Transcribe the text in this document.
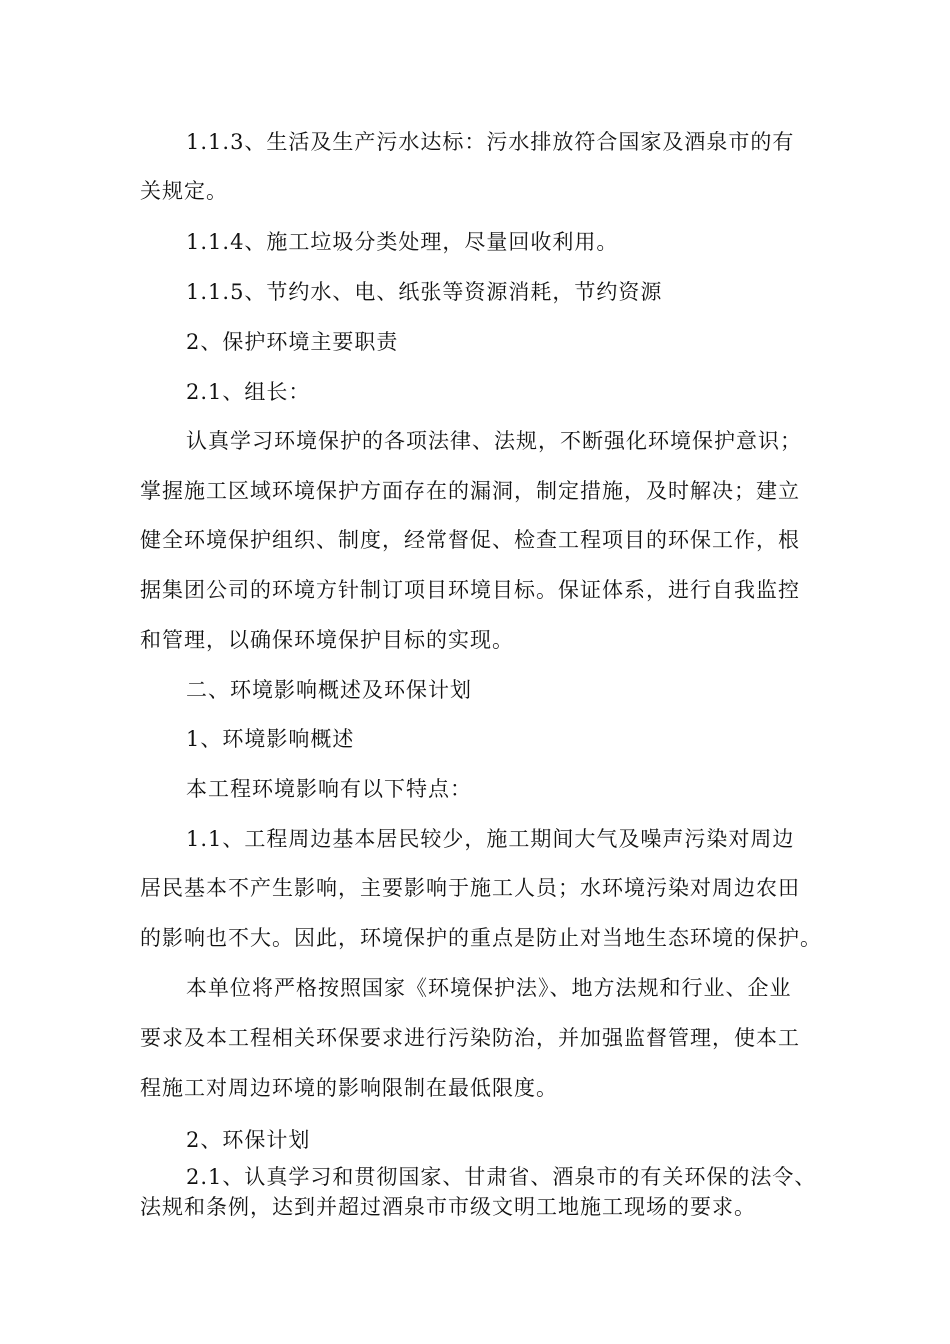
1.1.3、生活及生产污水达标：污水排放符合国家及酒泉市的有
关规定。
1.1.4、施工垃圾分类处理，尽量回收利用。
1.1.5、节约水、电、纸张等资源消耗，节约资源
2、保护环境主要职责
2.1、组长：
认真学习环境保护的各项法律、法规，不断强化环境保护意识；
掌握施工区域环境保护方面存在的漏洞，制定措施，及时解决；建立
健全环境保护组织、制度，经常督促、检查工程项目的环保工作，根
据集团公司的环境方针制订项目环境目标。保证体系，进行自我监控
和管理，以确保环境保护目标的实现。
二、环境影响概述及环保计划
1、环境影响概述
本工程环境影响有以下特点：
1.1、工程周边基本居民较少，施工期间大气及噪声污染对周边
居民基本不产生影响，主要影响于施工人员；水环境污染对周边农田
的影响也不大。因此，环境保护的重点是防止对当地生态环境的保护。
本单位将严格按照国家《环境保护法》、地方法规和行业、企业
要求及本工程相关环保要求进行污染防治，并加强监督管理，使本工
程施工对周边环境的影响限制在最低限度。
2、环保计划
2.1、认真学习和贯彻国家、甘肃省、酒泉市的有关环保的法令、
法规和条例，达到并超过酒泉市市级文明工地施工现场的要求。
